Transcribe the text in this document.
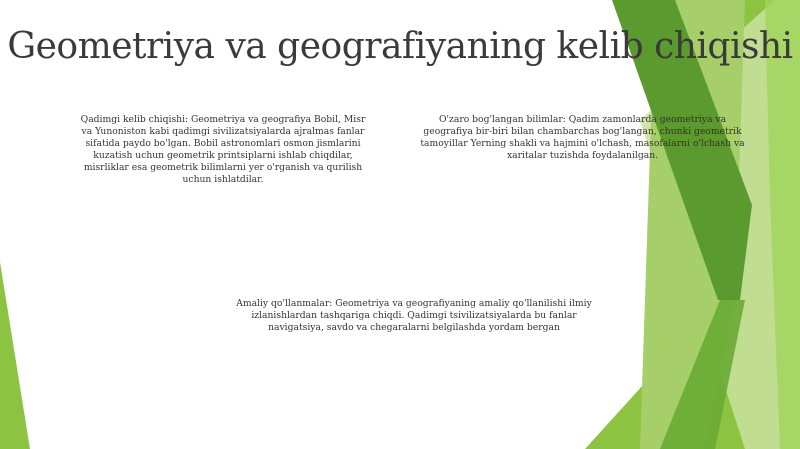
Geometriya va geografiyaning kelib chiqishi
Qadimgi kelib chiqishi: Geometriya va geografiya Bobil, Misr va Yunoniston kabi qadimgi sivilizatsiyalarda ajralmas fanlar sifatida paydo bo'lgan. Bobil astronomlari osmon jismlarini kuzatish uchun geometrik printsiplarni ishlab chiqdilar, misrliklar esa geometrik bilimlarni yer o'rganish va qurilish uchun ishlatdilar.
O'zaro bog'langan bilimlar: Qadim zamonlarda geometriya va geografiya bir-biri bilan chambarchas bog'langan, chunki geometrik tamoyillar Yerning shakli va hajmini o'lchash, masofalarni o'lchash va xaritalar tuzishda foydalanilgan.
Amaliy qo'llanmalar: Geometriya va geografiyaning amaliy qo'llanilishi ilmiy izlanishlardan tashqariga chiqdi. Qadimgi tsivilizatsiyalarda bu fanlar navigatsiya, savdo va chegaralarni belgilashda yordam bergan
